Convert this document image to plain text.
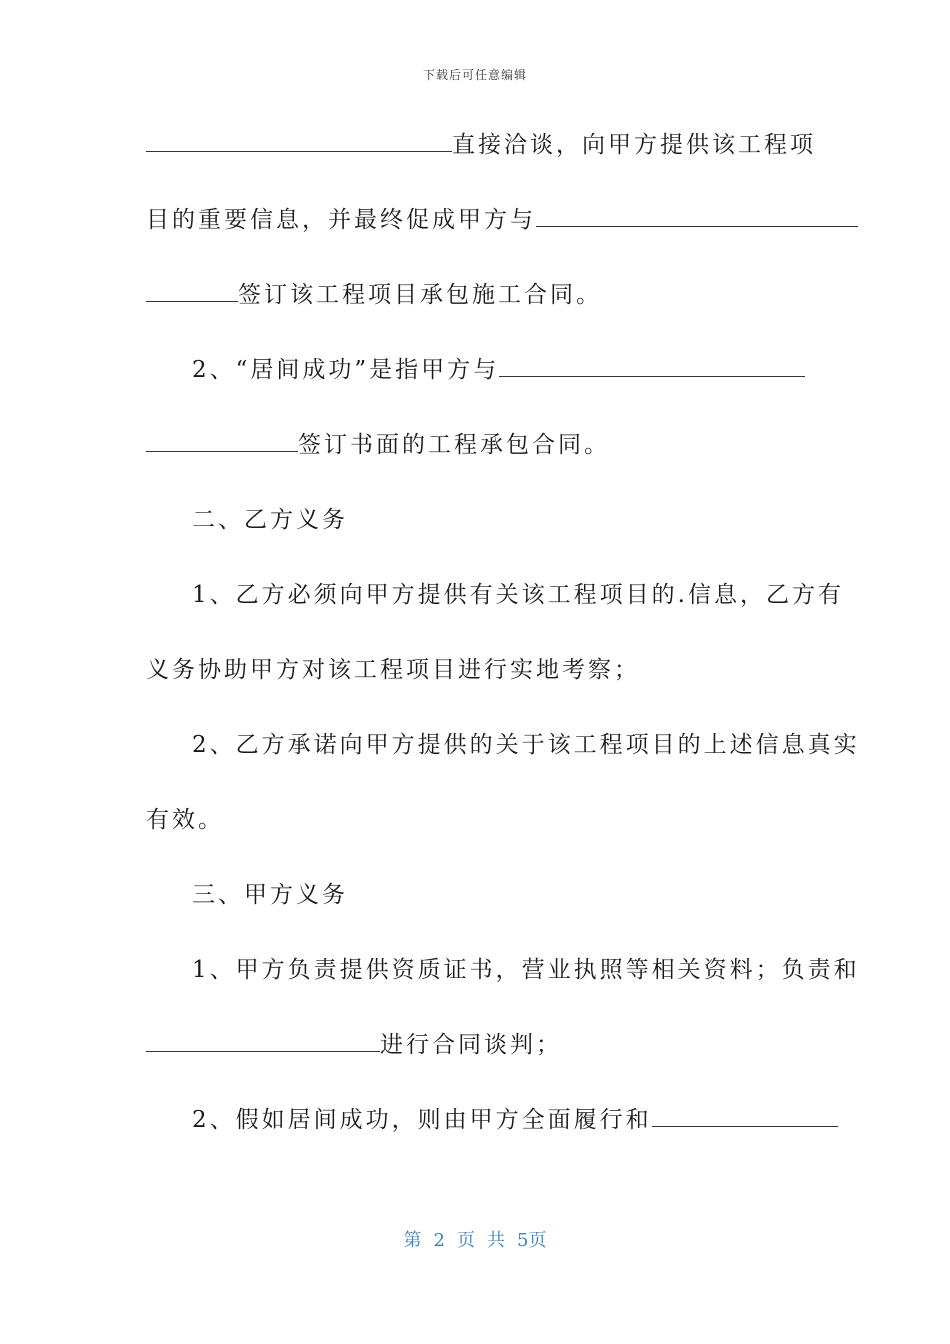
下载后可任意编辑
直接洽谈，向甲方提供该工程项
目的重要信息，并最终促成甲方与
签订该工程项目承包施工合同。
2、“居间成功”是指甲方与
签订书面的工程承包合同。
二、乙方义务
1、乙方必须向甲方提供有关该工程项目的.信息，乙方有
义务协助甲方对该工程项目进行实地考察；
2、乙方承诺向甲方提供的关于该工程项目的上述信息真实
有效。
三、甲方义务
1、甲方负责提供资质证书，营业执照等相关资料；负责和
进行合同谈判；
2、假如居间成功，则由甲方全面履行和
第 2 页 共 5页
